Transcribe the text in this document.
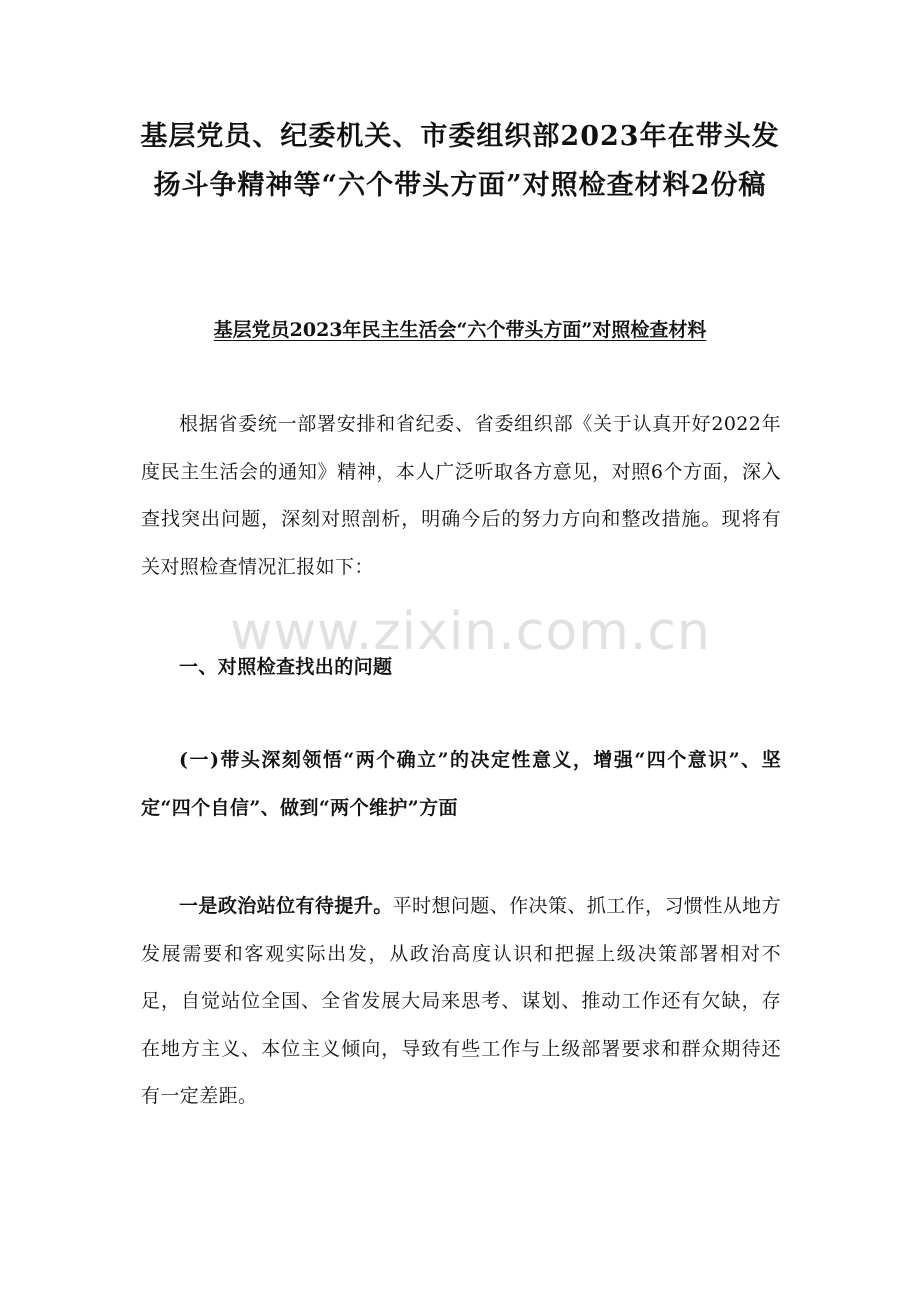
基层党员、纪委机关、市委组织部2023年在带头发扬斗争精神等“六个带头方面”对照检查材料2份稿
基层党员2023年民主生活会“六个带头方面”对照检查材料

根据省委统一部署安排和省纪委、省委组织部《关于认真开好2022年度民主生活会的通知》精神，本人广泛听取各方意见，对照6个方面，深入查找突出问题，深刻对照剖析，明确今后的努力方向和整改措施。现将有关对照检查情况汇报如下：

www.zixin.com.cn

一、对照检查找出的问题

(一)带头深刻领悟“两个确立”的决定性意义，增强“四个意识”、坚定“四个自信”、做到“两个维护”方面

一是政治站位有待提升。平时想问题、作决策、抓工作，习惯性从地方发展需要和客观实际出发，从政治高度认识和把握上级决策部署相对不足，自觉站位全国、全省发展大局来思考、谋划、推动工作还有欠缺，存在地方主义、本位主义倾向，导致有些工作与上级部署要求和群众期待还有一定差距。
